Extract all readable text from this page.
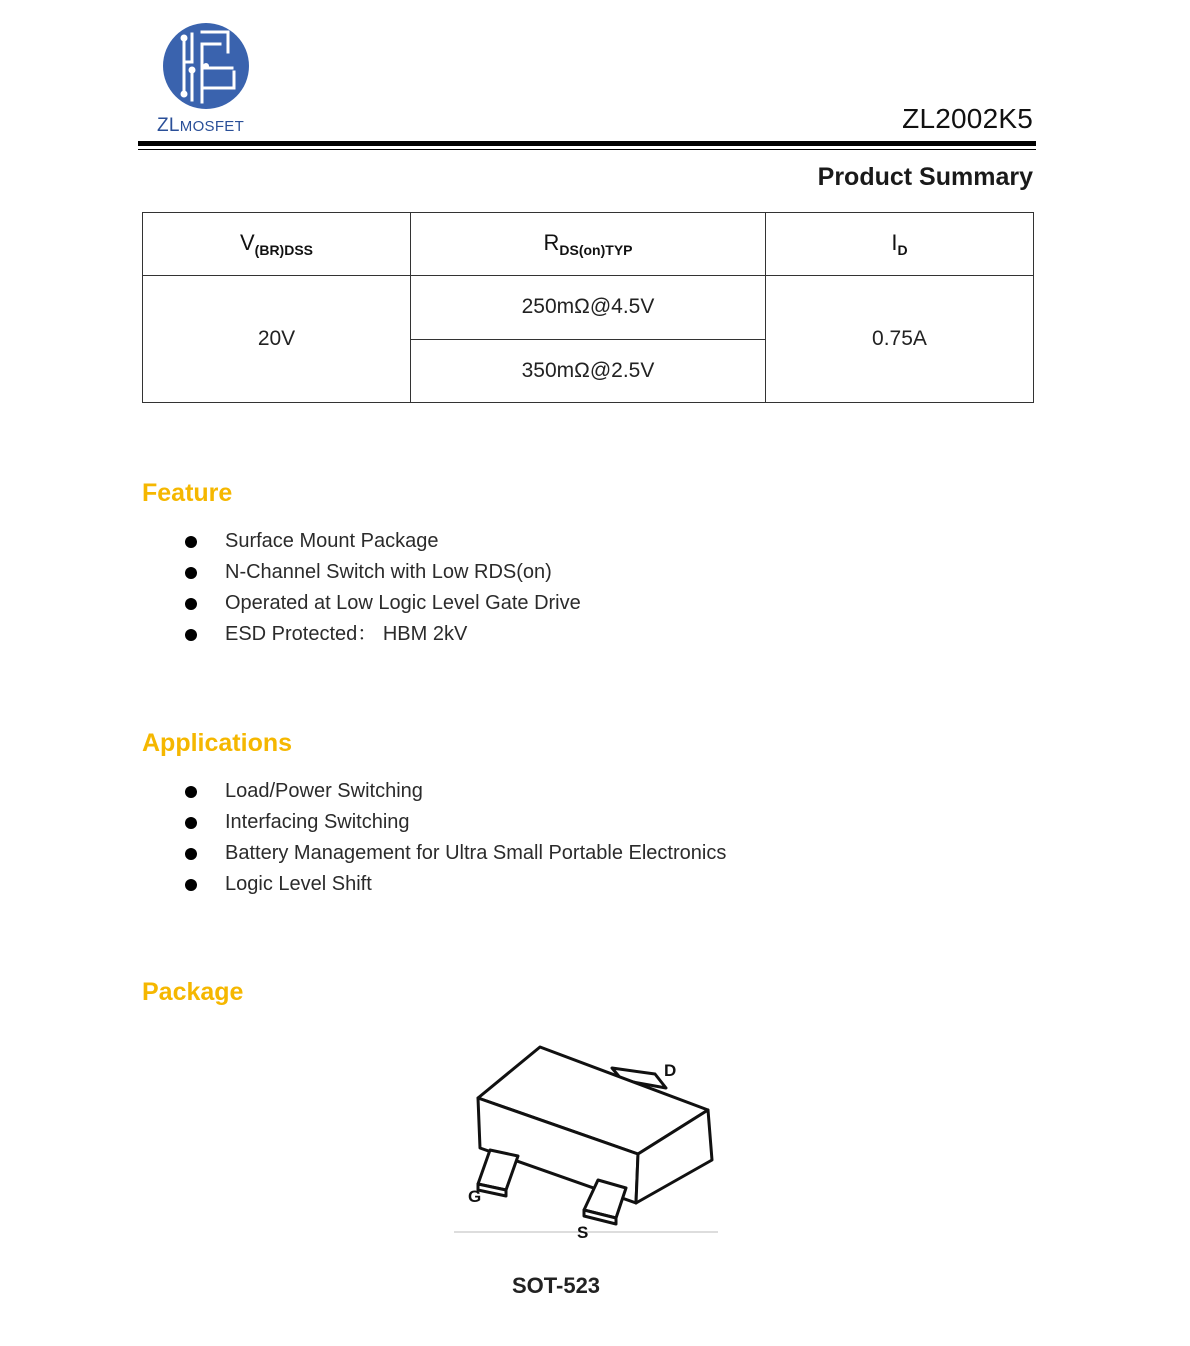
ZLMOSFET	ZL2002K5
Product Summary
$V_{(BR)DSS}$	$R_{DS(on)TYP}$	$I_D$
20V	250mΩ@4.5V	0.75A
	350mΩ@2.5V	
Feature
Surface Mount Package
N-Channel Switch with Low RDS(on)
Operated at Low Logic Level Gate Drive
ESD Protected： HBM 2kV
Applications
Load/Power Switching
Interfacing Switching
Battery Management for Ultra Small Portable Electronics
Logic Level Shift
Package
D
G
S
SOT-523
